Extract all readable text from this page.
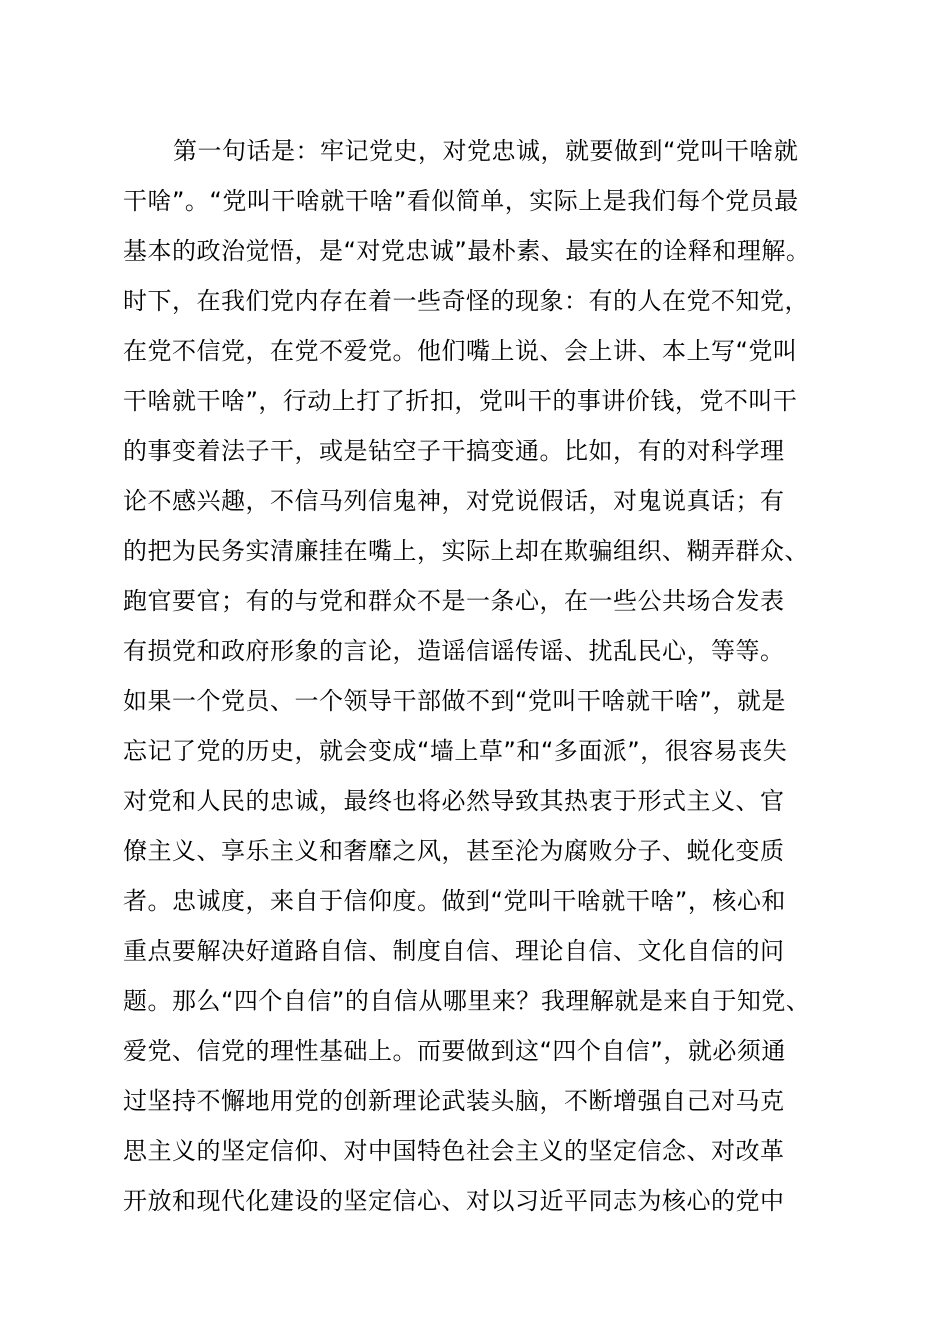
第一句话是：牢记党史，对党忠诚，就要做到“党叫干啥就
干啥”。“党叫干啥就干啥”看似简单，实际上是我们每个党员最
基本的政治觉悟，是“对党忠诚”最朴素、最实在的诠释和理解。
时下，在我们党内存在着一些奇怪的现象：有的人在党不知党，
在党不信党，在党不爱党。他们嘴上说、会上讲、本上写“党叫
干啥就干啥”，行动上打了折扣，党叫干的事讲价钱，党不叫干
的事变着法子干，或是钻空子干搞变通。比如，有的对科学理
论不感兴趣，不信马列信鬼神，对党说假话，对鬼说真话；有
的把为民务实清廉挂在嘴上，实际上却在欺骗组织、糊弄群众、
跑官要官；有的与党和群众不是一条心，在一些公共场合发表
有损党和政府形象的言论，造谣信谣传谣、扰乱民心，等等。
如果一个党员、一个领导干部做不到“党叫干啥就干啥”，就是
忘记了党的历史，就会变成“墙上草”和“多面派”，很容易丧失
对党和人民的忠诚，最终也将必然导致其热衷于形式主义、官
僚主义、享乐主义和奢靡之风，甚至沦为腐败分子、蜕化变质
者。忠诚度，来自于信仰度。做到“党叫干啥就干啥”，核心和
重点要解决好道路自信、制度自信、理论自信、文化自信的问
题。那么“四个自信”的自信从哪里来？我理解就是来自于知党、
爱党、信党的理性基础上。而要做到这“四个自信”，就必须通
过坚持不懈地用党的创新理论武装头脑，不断增强自己对马克
思主义的坚定信仰、对中国特色社会主义的坚定信念、对改革
开放和现代化建设的坚定信心、对以习近平同志为核心的党中
